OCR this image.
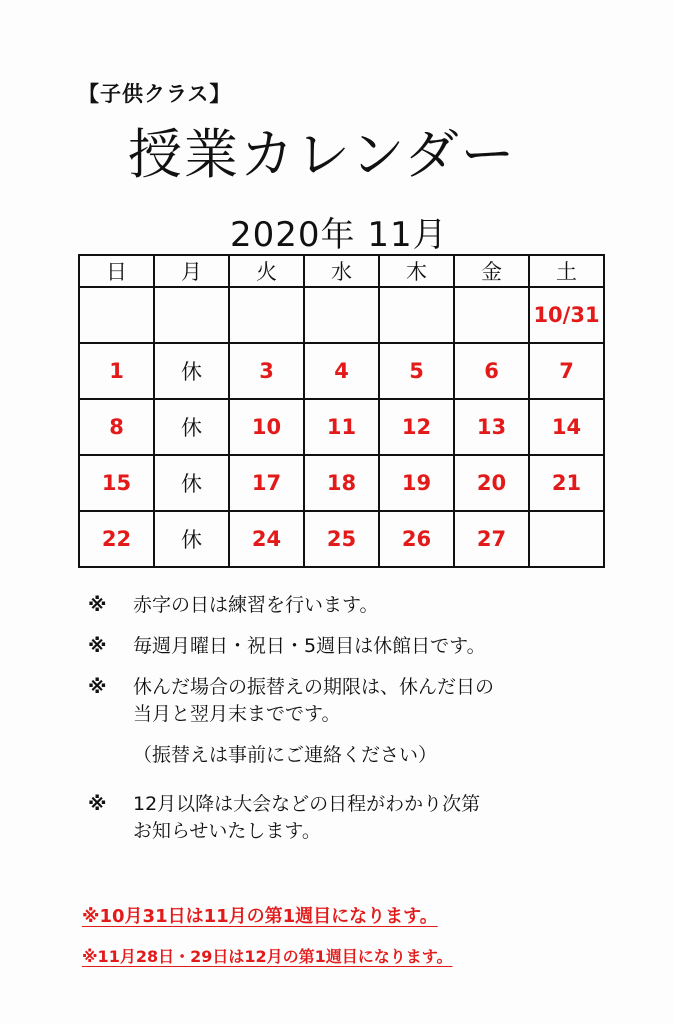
【子供クラス】
授業カレンダー
2020年 11月
日	月	火	水	木	金	土
						10/31
1	休	3	4	5	6	7
8	休	10	11	12	13	14
15	休	17	18	19	20	21
22	休	24	25	26	27	
※ 赤字の日は練習を行います。
※ 毎週月曜日・祝日・5週目は休館日です。
※ 休んだ場合の振替えの期限は、休んだ日の
当月と翌月末までです。
（振替えは事前にご連絡ください）
※ 12月以降は大会などの日程がわかり次第
お知らせいたします。
※10月31日は11月の第1週目になります。
※11月28日・29日は12月の第1週目になります。
